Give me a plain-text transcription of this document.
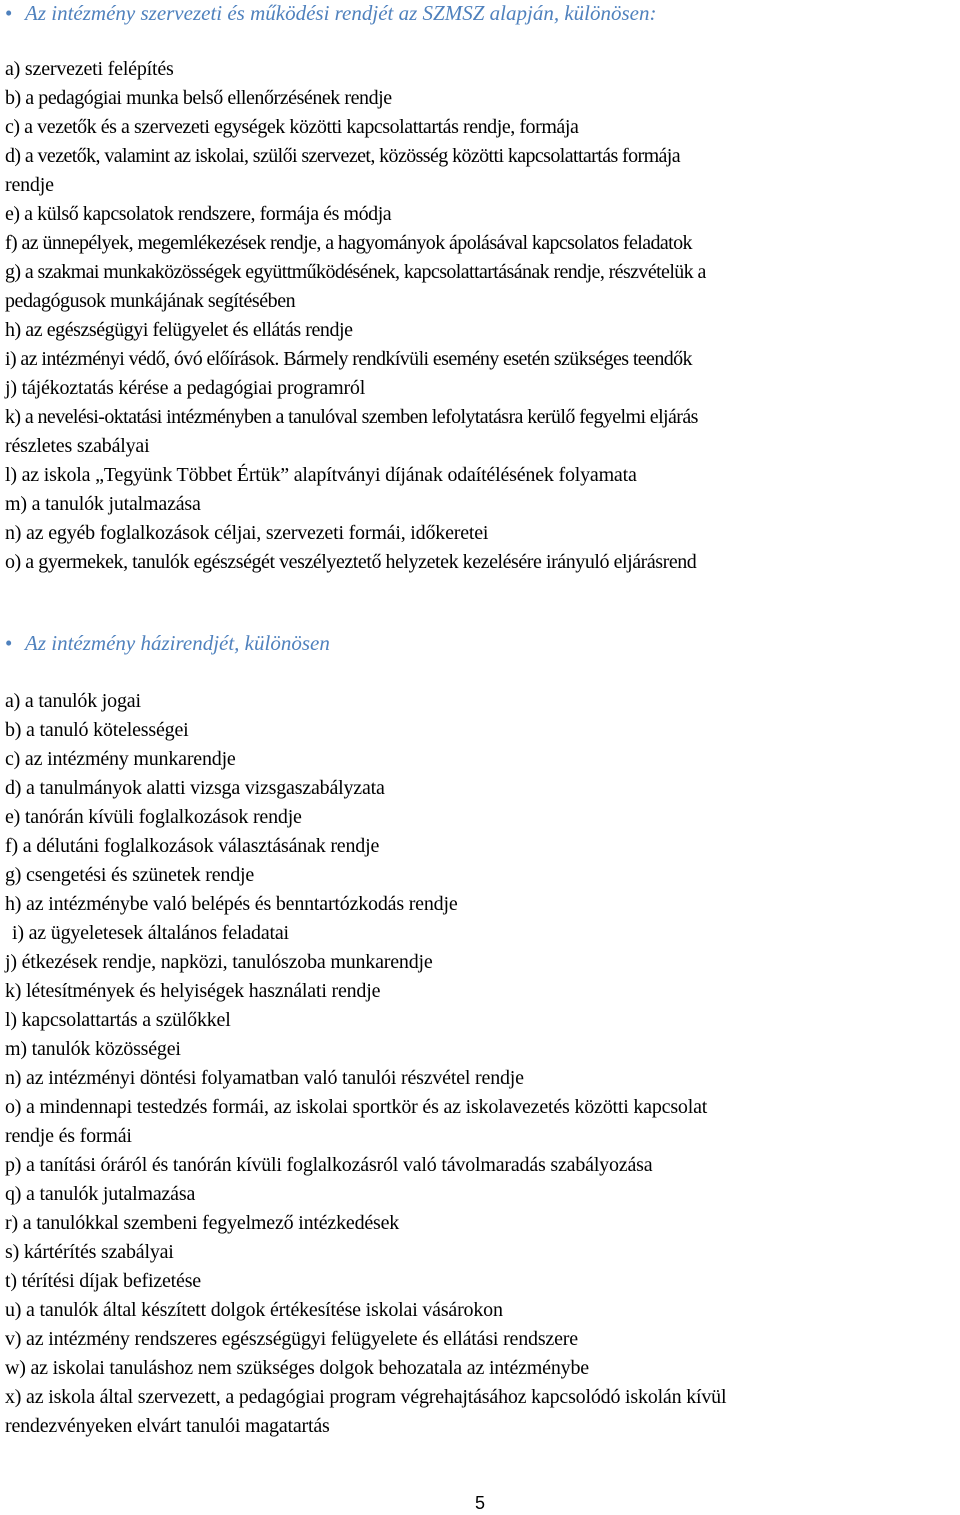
• Az intézmény szervezeti és működési rendjét az SZMSZ alapján, különösen:
a) szervezeti felépítés
b) a pedagógiai munka belső ellenőrzésének rendje
c) a vezetők és a szervezeti egységek közötti kapcsolattartás rendje, formája
d) a vezetők, valamint az iskolai, szülői szervezet, közösség közötti kapcsolattartás formája
rendje
e) a külső kapcsolatok rendszere, formája és módja
f) az ünnepélyek, megemlékezések rendje, a hagyományok ápolásával kapcsolatos feladatok
g) a szakmai munkaközösségek együttműködésének, kapcsolattartásának rendje, részvételük a
pedagógusok munkájának segítésében
h) az egészségügyi felügyelet és ellátás rendje
i) az intézményi védő, óvó előírások. Bármely rendkívüli esemény esetén szükséges teendők
j) tájékoztatás kérése a pedagógiai programról
k) a nevelési-oktatási intézményben a tanulóval szemben lefolytatásra kerülő fegyelmi eljárás
részletes szabályai
l) az iskola „Tegyünk Többet Értük” alapítványi díjának odaítélésének folyamata
m) a tanulók jutalmazása
n) az egyéb foglalkozások céljai, szervezeti formái, időkeretei
o) a gyermekek, tanulók egészségét veszélyeztető helyzetek kezelésére irányuló eljárásrend
• Az intézmény házirendjét, különösen
a) a tanulók jogai
b) a tanuló kötelességei
c) az intézmény munkarendje
d) a tanulmányok alatti vizsga vizsgaszabályzata
e) tanórán kívüli foglalkozások rendje
f) a délutáni foglalkozások választásának rendje
g) csengetési és szünetek rendje
h) az intézménybe való belépés és benntartózkodás rendje
i) az ügyeletesek általános feladatai
j) étkezések rendje, napközi, tanulószoba munkarendje
k) létesítmények és helyiségek használati rendje
l) kapcsolattartás a szülőkkel
m) tanulók közösségei
n) az intézményi döntési folyamatban való tanulói részvétel rendje
o) a mindennapi testedzés formái, az iskolai sportkör és az iskolavezetés közötti kapcsolat
rendje és formái
p) a tanítási óráról és tanórán kívüli foglalkozásról való távolmaradás szabályozása
q) a tanulók jutalmazása
r) a tanulókkal szembeni fegyelmező intézkedések
s) kártérítés szabályai
t) térítési díjak befizetése
u) a tanulók által készített dolgok értékesítése iskolai vásárokon
v) az intézmény rendszeres egészségügyi felügyelete és ellátási rendszere
w) az iskolai tanuláshoz nem szükséges dolgok behozatala az intézménybe
x) az iskola által szervezett, a pedagógiai program végrehajtásához kapcsolódó iskolán kívül
rendezvényeken elvárt tanulói magatartás
5
